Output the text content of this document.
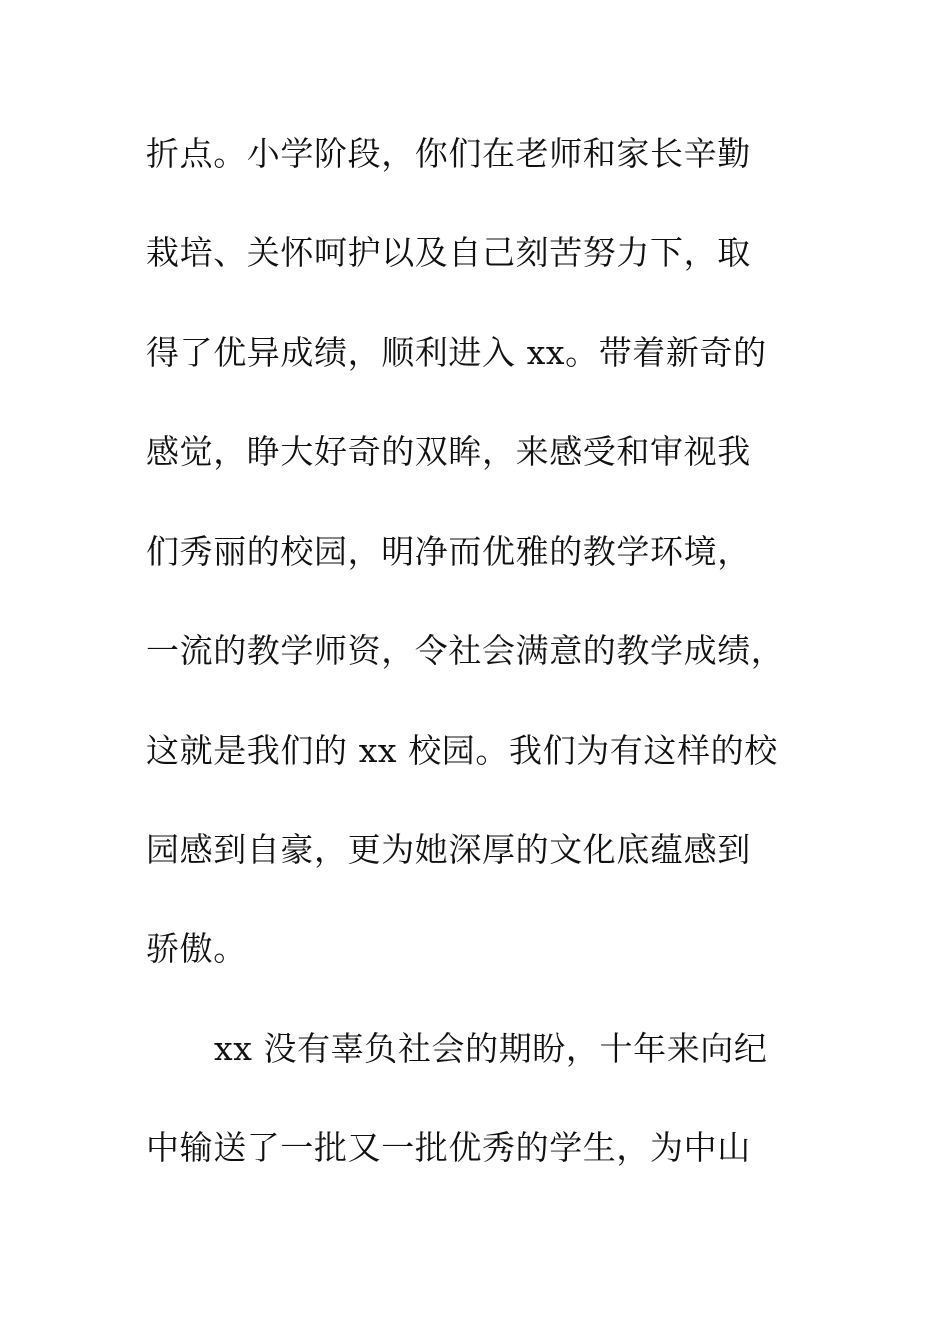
折点。小学阶段，你们在老师和家长辛勤
栽培、关怀呵护以及自己刻苦努力下，取
得了优异成绩，顺利进入 xx。带着新奇的
感觉，睁大好奇的双眸，来感受和审视我
们秀丽的校园，明净而优雅的教学环境，
一流的教学师资，令社会满意的教学成绩，
这就是我们的 xx 校园。我们为有这样的校
园感到自豪，更为她深厚的文化底蕴感到
骄傲。
xx 没有辜负社会的期盼，十年来向纪
中输送了一批又一批优秀的学生，为中山
